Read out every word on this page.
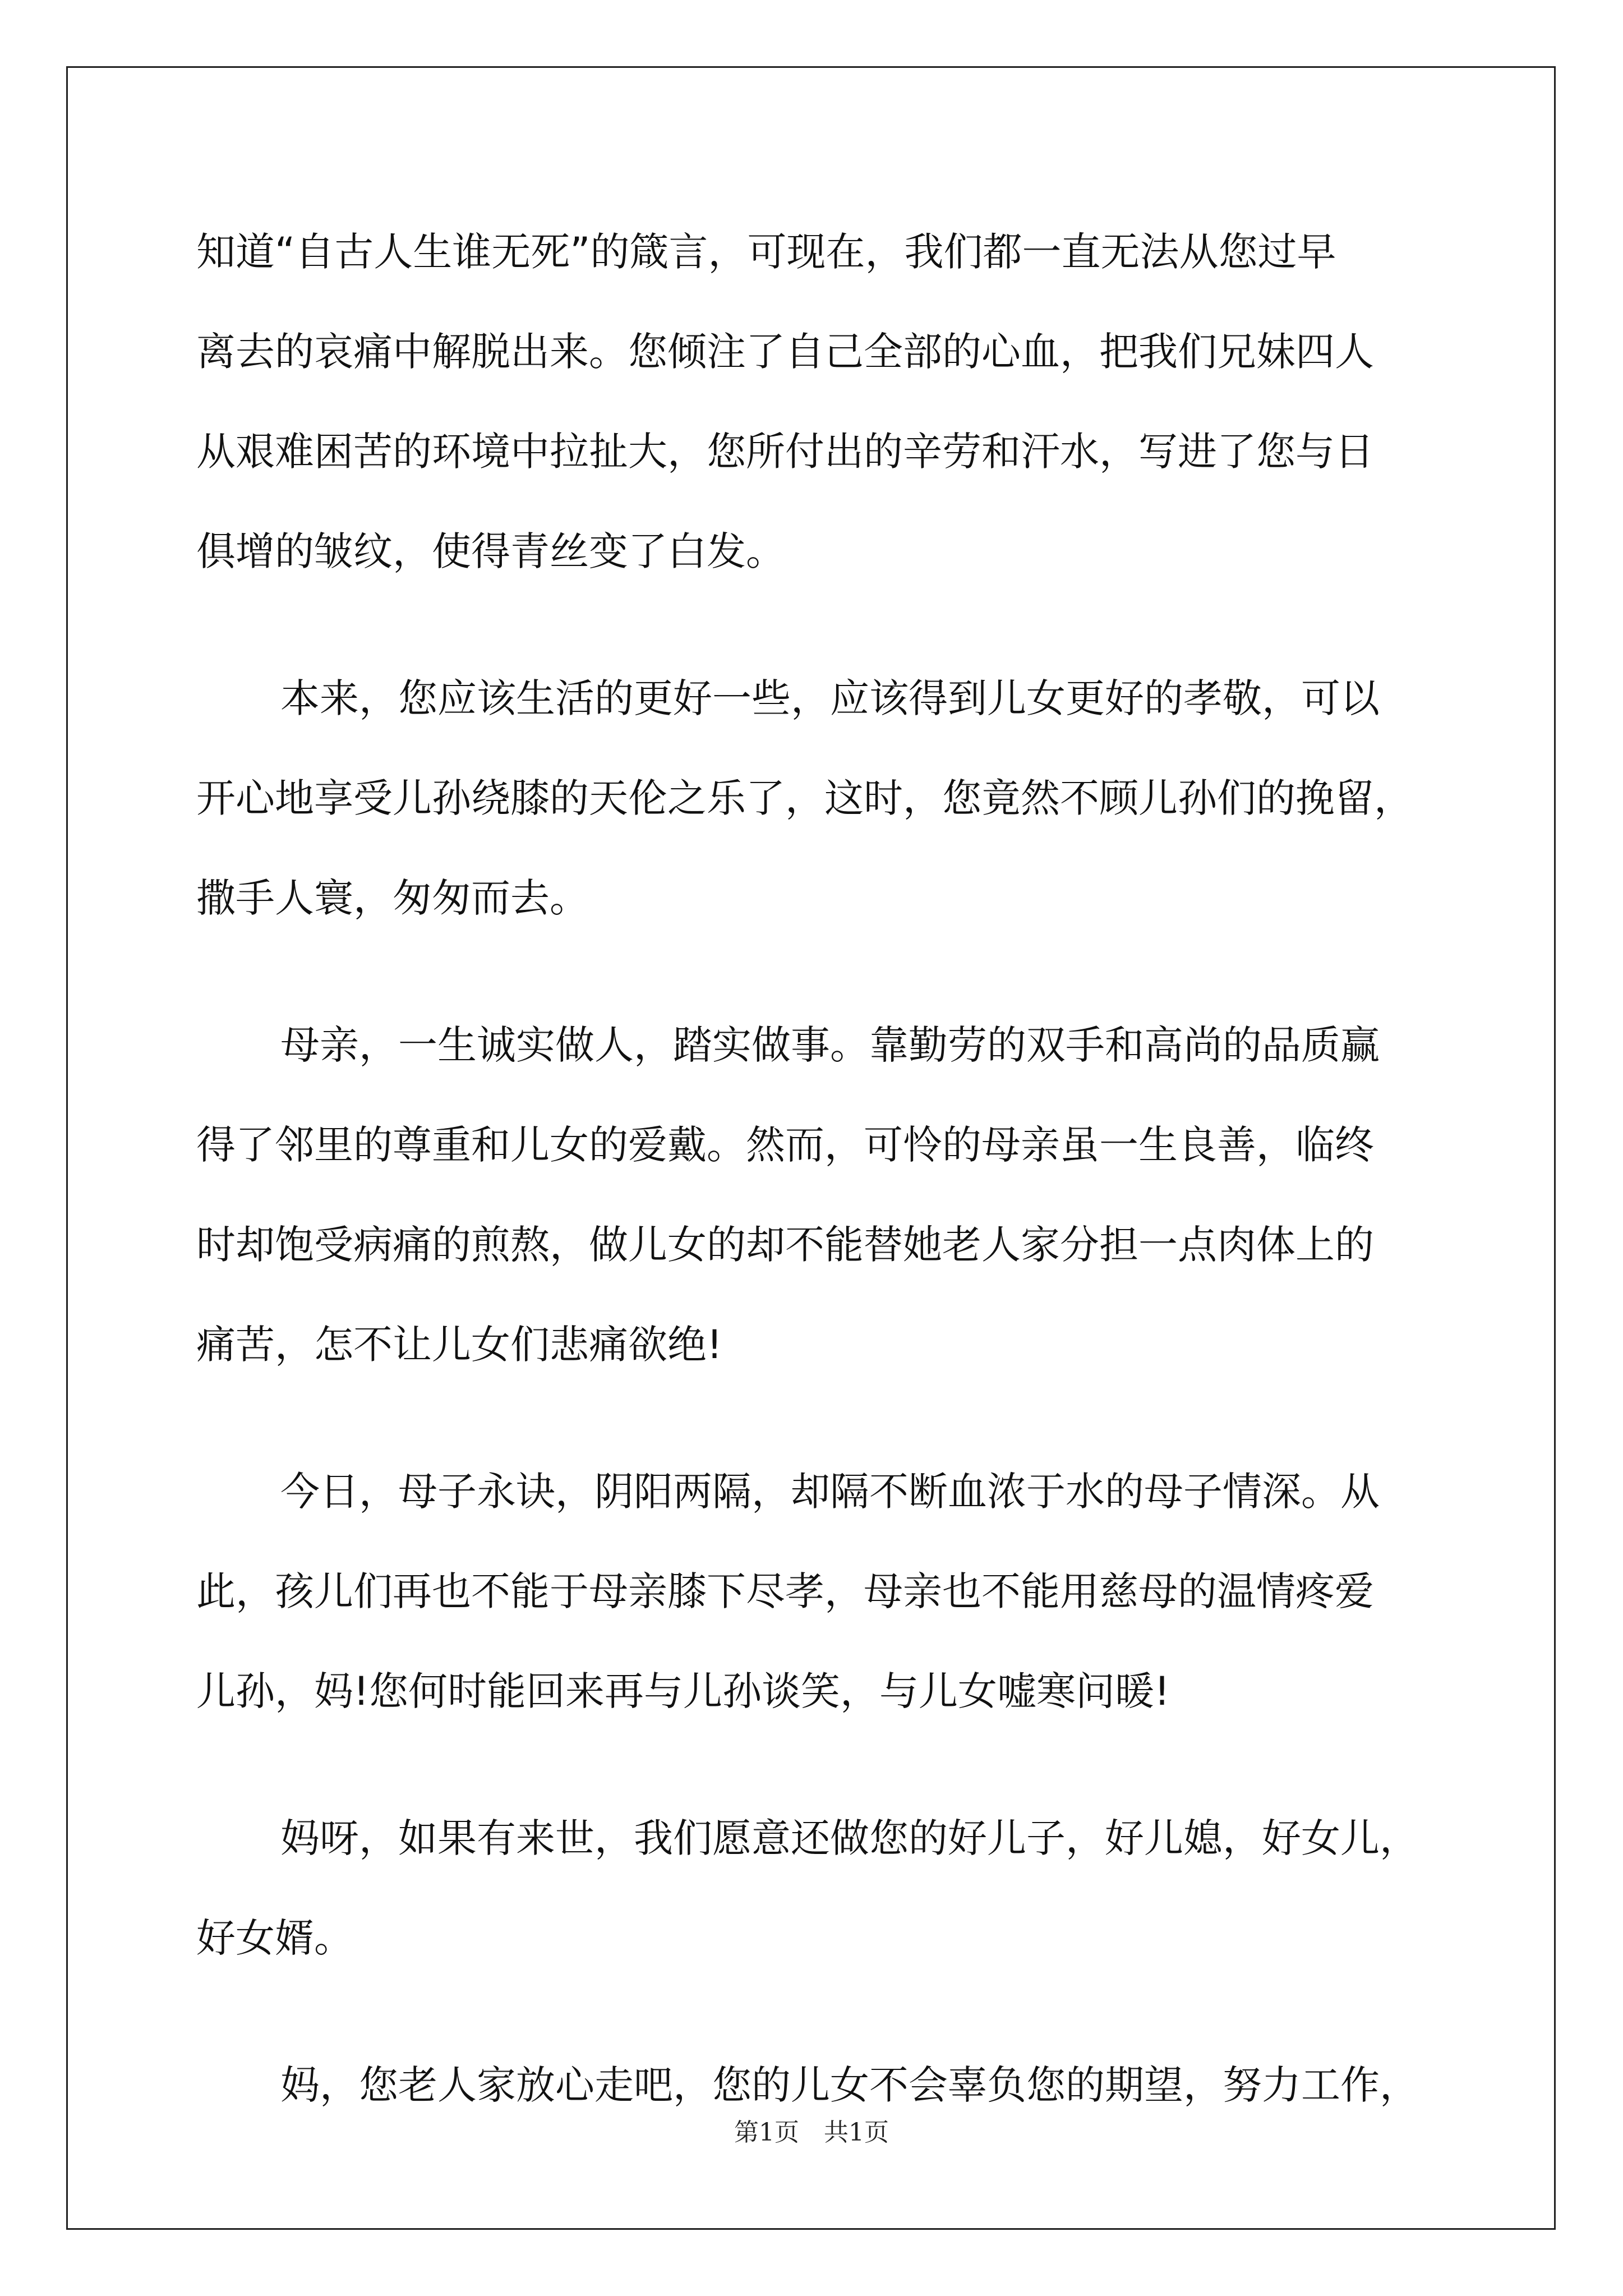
知道“自古人生谁无死”的箴言，可现在，我们都一直无法从您过早
离去的哀痛中解脱出来。您倾注了自己全部的心血，把我们兄妹四人
从艰难困苦的环境中拉扯大，您所付出的辛劳和汗水，写进了您与日
俱增的皱纹，使得青丝变了白发。
本来，您应该生活的更好一些，应该得到儿女更好的孝敬，可以
开心地享受儿孙绕膝的天伦之乐了，这时，您竟然不顾儿孙们的挽留，
撒手人寰，匆匆而去。
母亲，一生诚实做人，踏实做事。靠勤劳的双手和高尚的品质赢
得了邻里的尊重和儿女的爱戴。然而，可怜的母亲虽一生良善，临终
时却饱受病痛的煎熬，做儿女的却不能替她老人家分担一点肉体上的
痛苦，怎不让儿女们悲痛欲绝!
今日，母子永诀，阴阳两隔，却隔不断血浓于水的母子情深。从
此，孩儿们再也不能于母亲膝下尽孝，母亲也不能用慈母的温情疼爱
儿孙，妈!您何时能回来再与儿孙谈笑，与儿女嘘寒问暖!
妈呀，如果有来世，我们愿意还做您的好儿子，好儿媳，好女儿，
好女婿。
妈，您老人家放心走吧，您的儿女不会辜负您的期望，努力工作，
第1页　共1页
